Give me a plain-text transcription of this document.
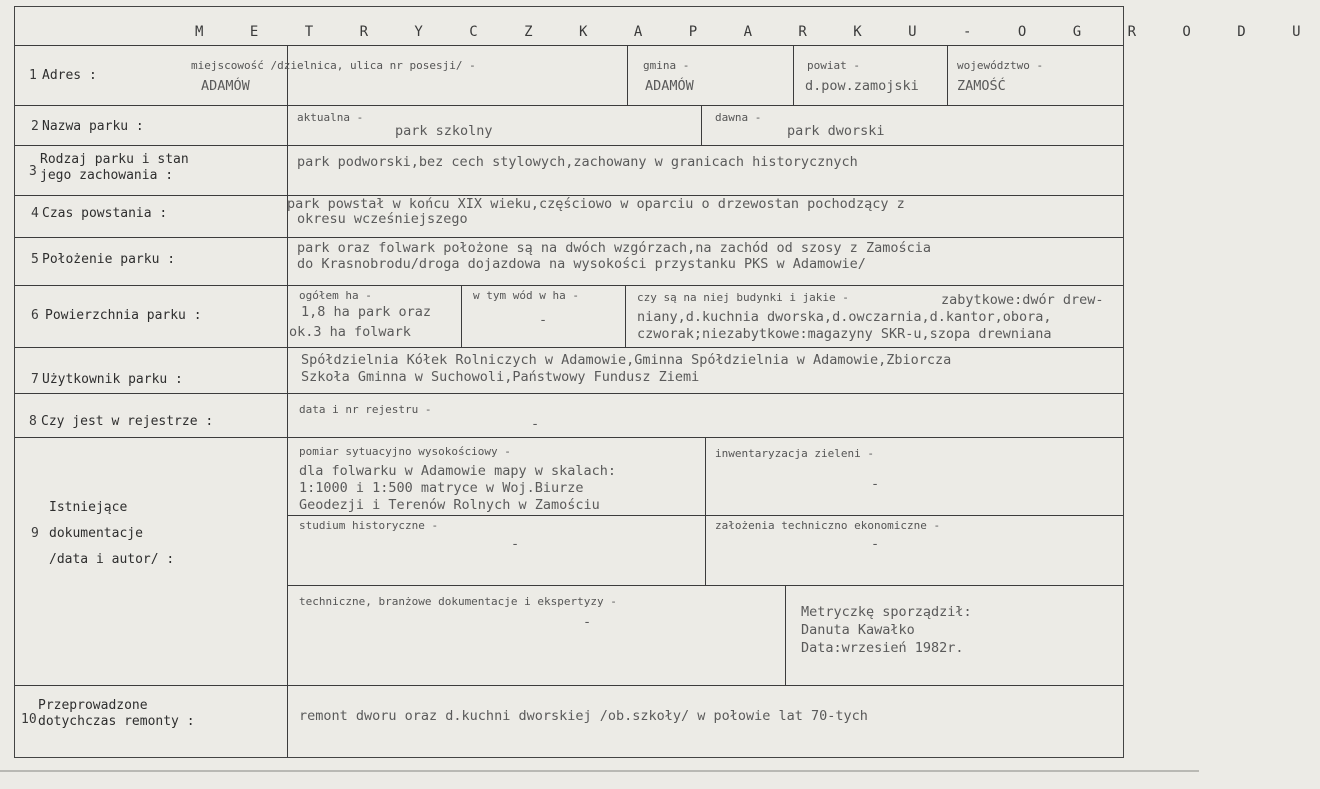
M E T R Y C Z K A P A R K U - O G R O D U
1 Adres :
miejscowość /dzielnica, ulica nr posesji/ -
ADAMÓW
gmina -
ADAMÓW
powiat -
d.pow.zamojski
województwo -
ZAMOŚĆ
2 Nazwa parku :
aktualna -
park szkolny
dawna -
park dworski
3
Rodzaj parku i stan
jego zachowania :
park podworski,bez cech stylowych,zachowany w granicach historycznych
4 Czas powstania :
park powstał w końcu XIX wieku,częściowo w oparciu o drzewostan pochodzący z
okresu wcześniejszego
5 Położenie parku :
park oraz folwark położone są na dwóch wzgórzach,na zachód od szosy z Zamościa
do Krasnobrodu/droga dojazdowa na wysokości przystanku PKS w Adamowie/
6 Powierzchnia parku :
ogółem ha -
1,8 ha park oraz
ok.3 ha folwark
w tym wód w ha -
-
czy są na niej budynki i jakie -	zabytkowe:dwór drew-
niany,d.kuchnia dworska,d.owczarnia,d.kantor,obora,
czworak;niezabytkowe:magazyny SKR-u,szopa drewniana
7 Użytkownik parku :
Spółdzielnia Kółek Rolniczych w Adamowie,Gminna Spółdzielnia w Adamowie,Zbiorcza
Szkoła Gminna w Suchowoli,Państwowy Fundusz Ziemi
8 Czy jest w rejestrze :
data i nr rejestru -
-
9
Istniejące
dokumentacje
/data i autor/ :
pomiar sytuacyjno wysokościowy -
dla folwarku w Adamowie mapy w skalach:
1:1000 i 1:500 matryce w Woj.Biurze
Geodezji i Terenów Rolnych w Zamościu
inwentaryzacja zieleni -
-
studium historyczne -
-
założenia techniczno ekonomiczne -
-
techniczne, branżowe dokumentacje i ekspertyzy -
-
Metryczkę sporządził:
Danuta Kawałko
Data:wrzesień 1982r.
10
Przeprowadzone
dotychczas remonty :	remont dworu oraz d.kuchni dworskiej /ob.szkoły/ w połowie lat 70-tych
